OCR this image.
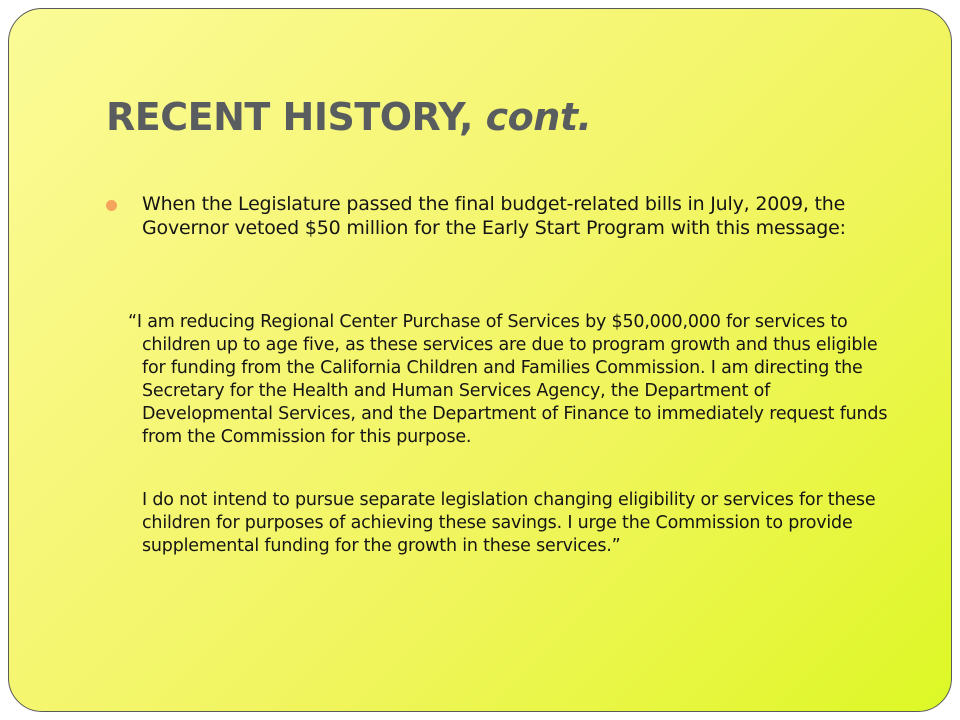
RECENT HISTORY, cont.

When the Legislature passed the final budget-related bills in July, 2009, the Governor vetoed $50 million for the Early Start Program with this message:

“I am reducing Regional Center Purchase of Services by $50,000,000 for services to children up to age five, as these services are due to program growth and thus eligible for funding from the California Children and Families Commission. I am directing the Secretary for the Health and Human Services Agency, the Department of Developmental Services, and the Department of Finance to immediately request funds from the Commission for this purpose.

I do not intend to pursue separate legislation changing eligibility or services for these children for purposes of achieving these savings. I urge the Commission to provide supplemental funding for the growth in these services.”
